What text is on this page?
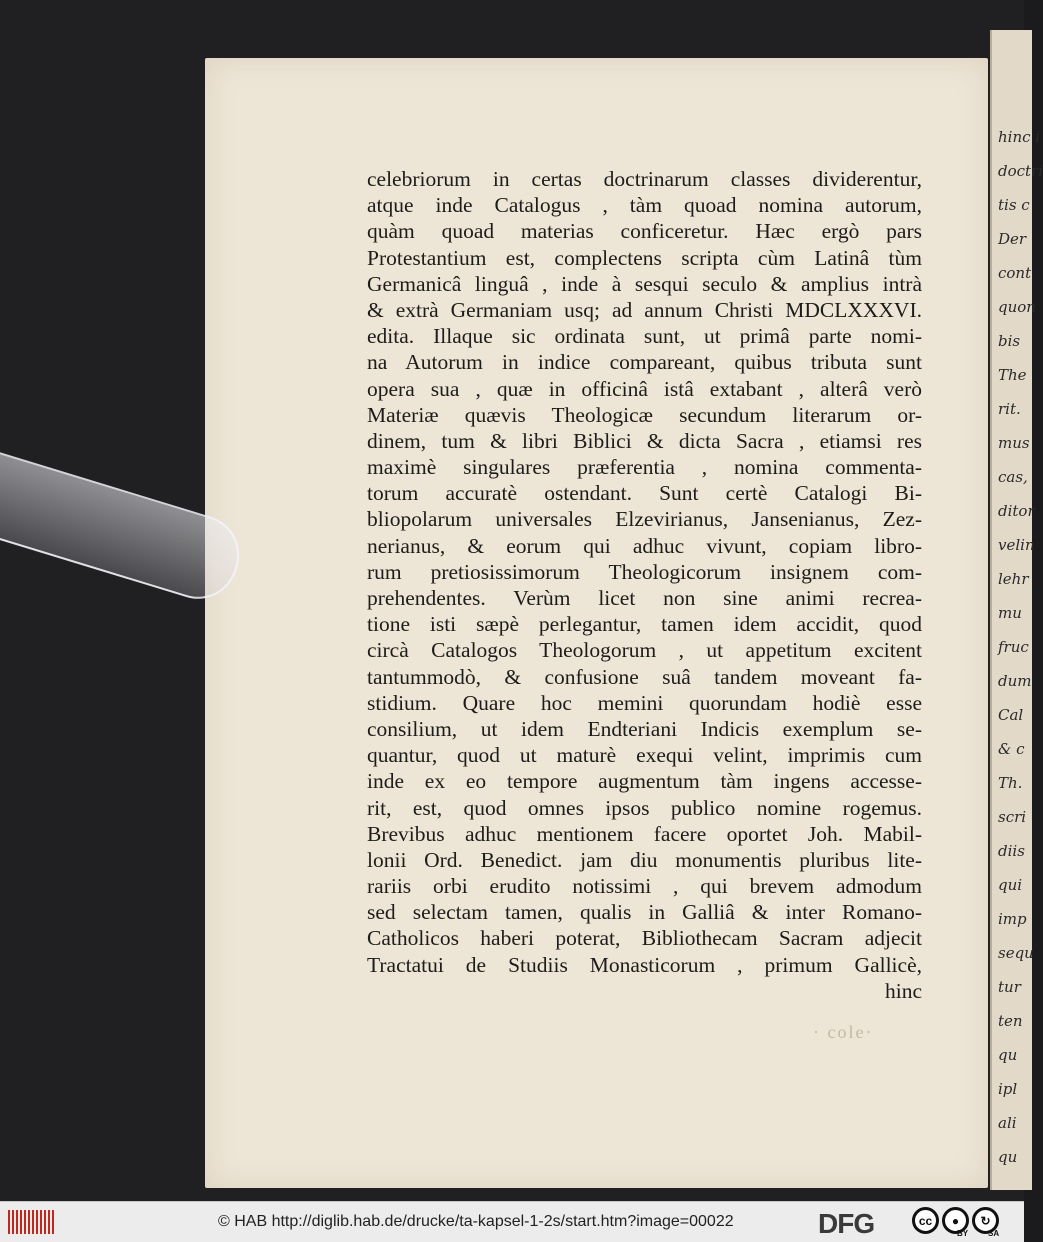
hinc i
doctri
tis c
Der
cont
quon
bis
The
rit.
mus
cas,
ditor
velin
lehr
mu
fruc
dum
Cal
& c
Th.
scri
diis
qui
imp
sequ
tur
ten
qu
ipl
ali
qu
· cole·
celebriorum in certas doctrinarum classes dividerentur,
atque inde Catalogus , tàm quoad nomina autorum,
quàm quoad materias conficeretur. Hæc ergò pars
Protestantium est, complectens scripta cùm Latinâ tùm
Germanicâ linguâ , inde à sesqui seculo & amplius intrà
& extrà Germaniam usq; ad annum Christi MDCLXXXVI.
edita. Illaque sic ordinata sunt, ut primâ parte nomi-
na Autorum in indice compareant, quibus tributa sunt
opera sua , quæ in officinâ istâ extabant , alterâ verò
Materiæ quævis Theologicæ secundum literarum or-
dinem, tum & libri Biblici & dicta Sacra , etiamsi res
maximè singulares præferentia , nomina commenta-
torum accuratè ostendant. Sunt certè Catalogi Bi-
bliopolarum universales Elzevirianus, Jansenianus, Zez-
nerianus, & eorum qui adhuc vivunt, copiam libro-
rum pretiosissimorum Theologicorum insignem com-
prehendentes. Verùm licet non sine animi recrea-
tione isti sæpè perlegantur, tamen idem accidit, quod
circà Catalogos Theologorum , ut appetitum excitent
tantummodò, & confusione suâ tandem moveant fa-
stidium. Quare hoc memini quorundam hodiè esse
consilium, ut idem Endteriani Indicis exemplum se-
quantur, quod ut maturè exequi velint, imprimis cum
inde ex eo tempore augmentum tàm ingens accesse-
rit, est, quod omnes ipsos publico nomine rogemus.
Brevibus adhuc mentionem facere oportet Joh. Mabil-
lonii Ord. Benedict. jam diu monumentis pluribus lite-
rariis orbi erudito notissimi , qui brevem admodum
sed selectam tamen, qualis in Galliâ & inter Romano-
Catholicos haberi poterat, Bibliothecam Sacram adjecit
Tractatui de Studiis Monasticorum , primum Gallicè,
hinc
© HAB http://diglib.hab.de/drucke/ta-kapsel-1-2s/start.htm?image=00022	DFG	cc	●	↻
BY SA
